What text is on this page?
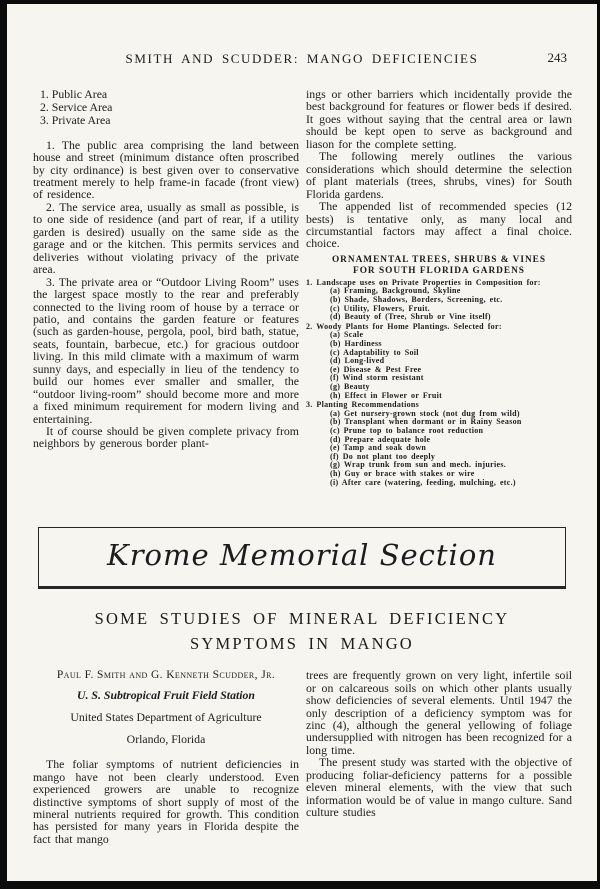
SMITH AND SCUDDER: MANGO DEFICIENCIES	243
1. Public Area
2. Service Area
3. Private Area

1. The public area comprising the land between house and street (minimum distance often proscribed by city ordinance) is best given over to conservative treatment merely to help frame-in facade (front view) of residence.

2. The service area, usually as small as possible, is to one side of residence (and part of rear, if a utility garden is desired) usually on the same side as the garage and or the kitchen. This permits services and deliveries without violating privacy of the private area.

3. The private area or “Outdoor Living Room” uses the largest space mostly to the rear and preferably connected to the living room of house by a terrace or patio, and contains the garden feature or features (such as garden-house, pergola, pool, bird bath, statue, seats, fountain, barbecue, etc.) for gracious outdoor living. In this mild climate with a maximum of warm sunny days, and especially in lieu of the tendency to build our homes ever smaller and smaller, the “outdoor living-room” should become more and more a fixed minimum requirement for modern living and entertaining.

It of course should be given complete privacy from neighbors by generous border plant-

ings or other barriers which incidentally provide the best background for features or flower beds if desired. It goes without saying that the central area or lawn should be kept open to serve as background and liason for the complete setting.

The following merely outlines the various considerations which should determine the selection of plant materials (trees, shrubs, vines) for South Florida gardens.

The appended list of recommended species (12 bests) is tentative only, as many local and circumstantial factors may affect a final choice. choice.

ORNAMENTAL TREES, SHRUBS & VINES
FOR SOUTH FLORIDA GARDENS
1. Landscape uses on Private Properties in Composition for:
(a) Framing, Background, Skyline
(b) Shade, Shadows, Borders, Screening, etc.
(c) Utility, Flowers, Fruit.
(d) Beauty of (Tree, Shrub or Vine itself)
2. Woody Plants for Home Plantings. Selected for:
(a) Scale
(b) Hardiness
(c) Adaptability to Soil
(d) Long-lived
(e) Disease & Pest Free
(f) Wind storm resistant
(g) Beauty
(h) Effect in Flower or Fruit
3. Planting Recommendations
(a) Get nursery-grown stock (not dug from wild)
(b) Transplant when dormant or in Rainy Season
(c) Prune top to balance root reduction
(d) Prepare adequate hole
(e) Tamp and soak down
(f) Do not plant too deeply
(g) Wrap trunk from sun and mech. injuries.
(h) Guy or brace with stakes or wire
(i) After care (watering, feeding, mulching, etc.)
Krome Memorial Section
SOME STUDIES OF MINERAL DEFICIENCY
SYMPTOMS IN MANGO
Paul F. Smith and G. Kenneth Scudder, Jr.
U. S. Subtropical Fruit Field Station
United States Department of Agriculture
Orlando, Florida

The foliar symptoms of nutrient deficiencies in mango have not been clearly understood. Even experienced growers are unable to recognize distinctive symptoms of short supply of most of the mineral nutrients required for growth. This condition has persisted for many years in Florida despite the fact that mango

trees are frequently grown on very light, infertile soil or on calcareous soils on which other plants usually show deficiencies of several elements. Until 1947 the only description of a deficiency symptom was for zinc (4), although the general yellowing of foliage undersupplied with nitrogen has been recognized for a long time.

The present study was started with the objective of producing foliar-deficiency patterns for a possible eleven mineral elements, with the view that such information would be of value in mango culture. Sand culture studies
